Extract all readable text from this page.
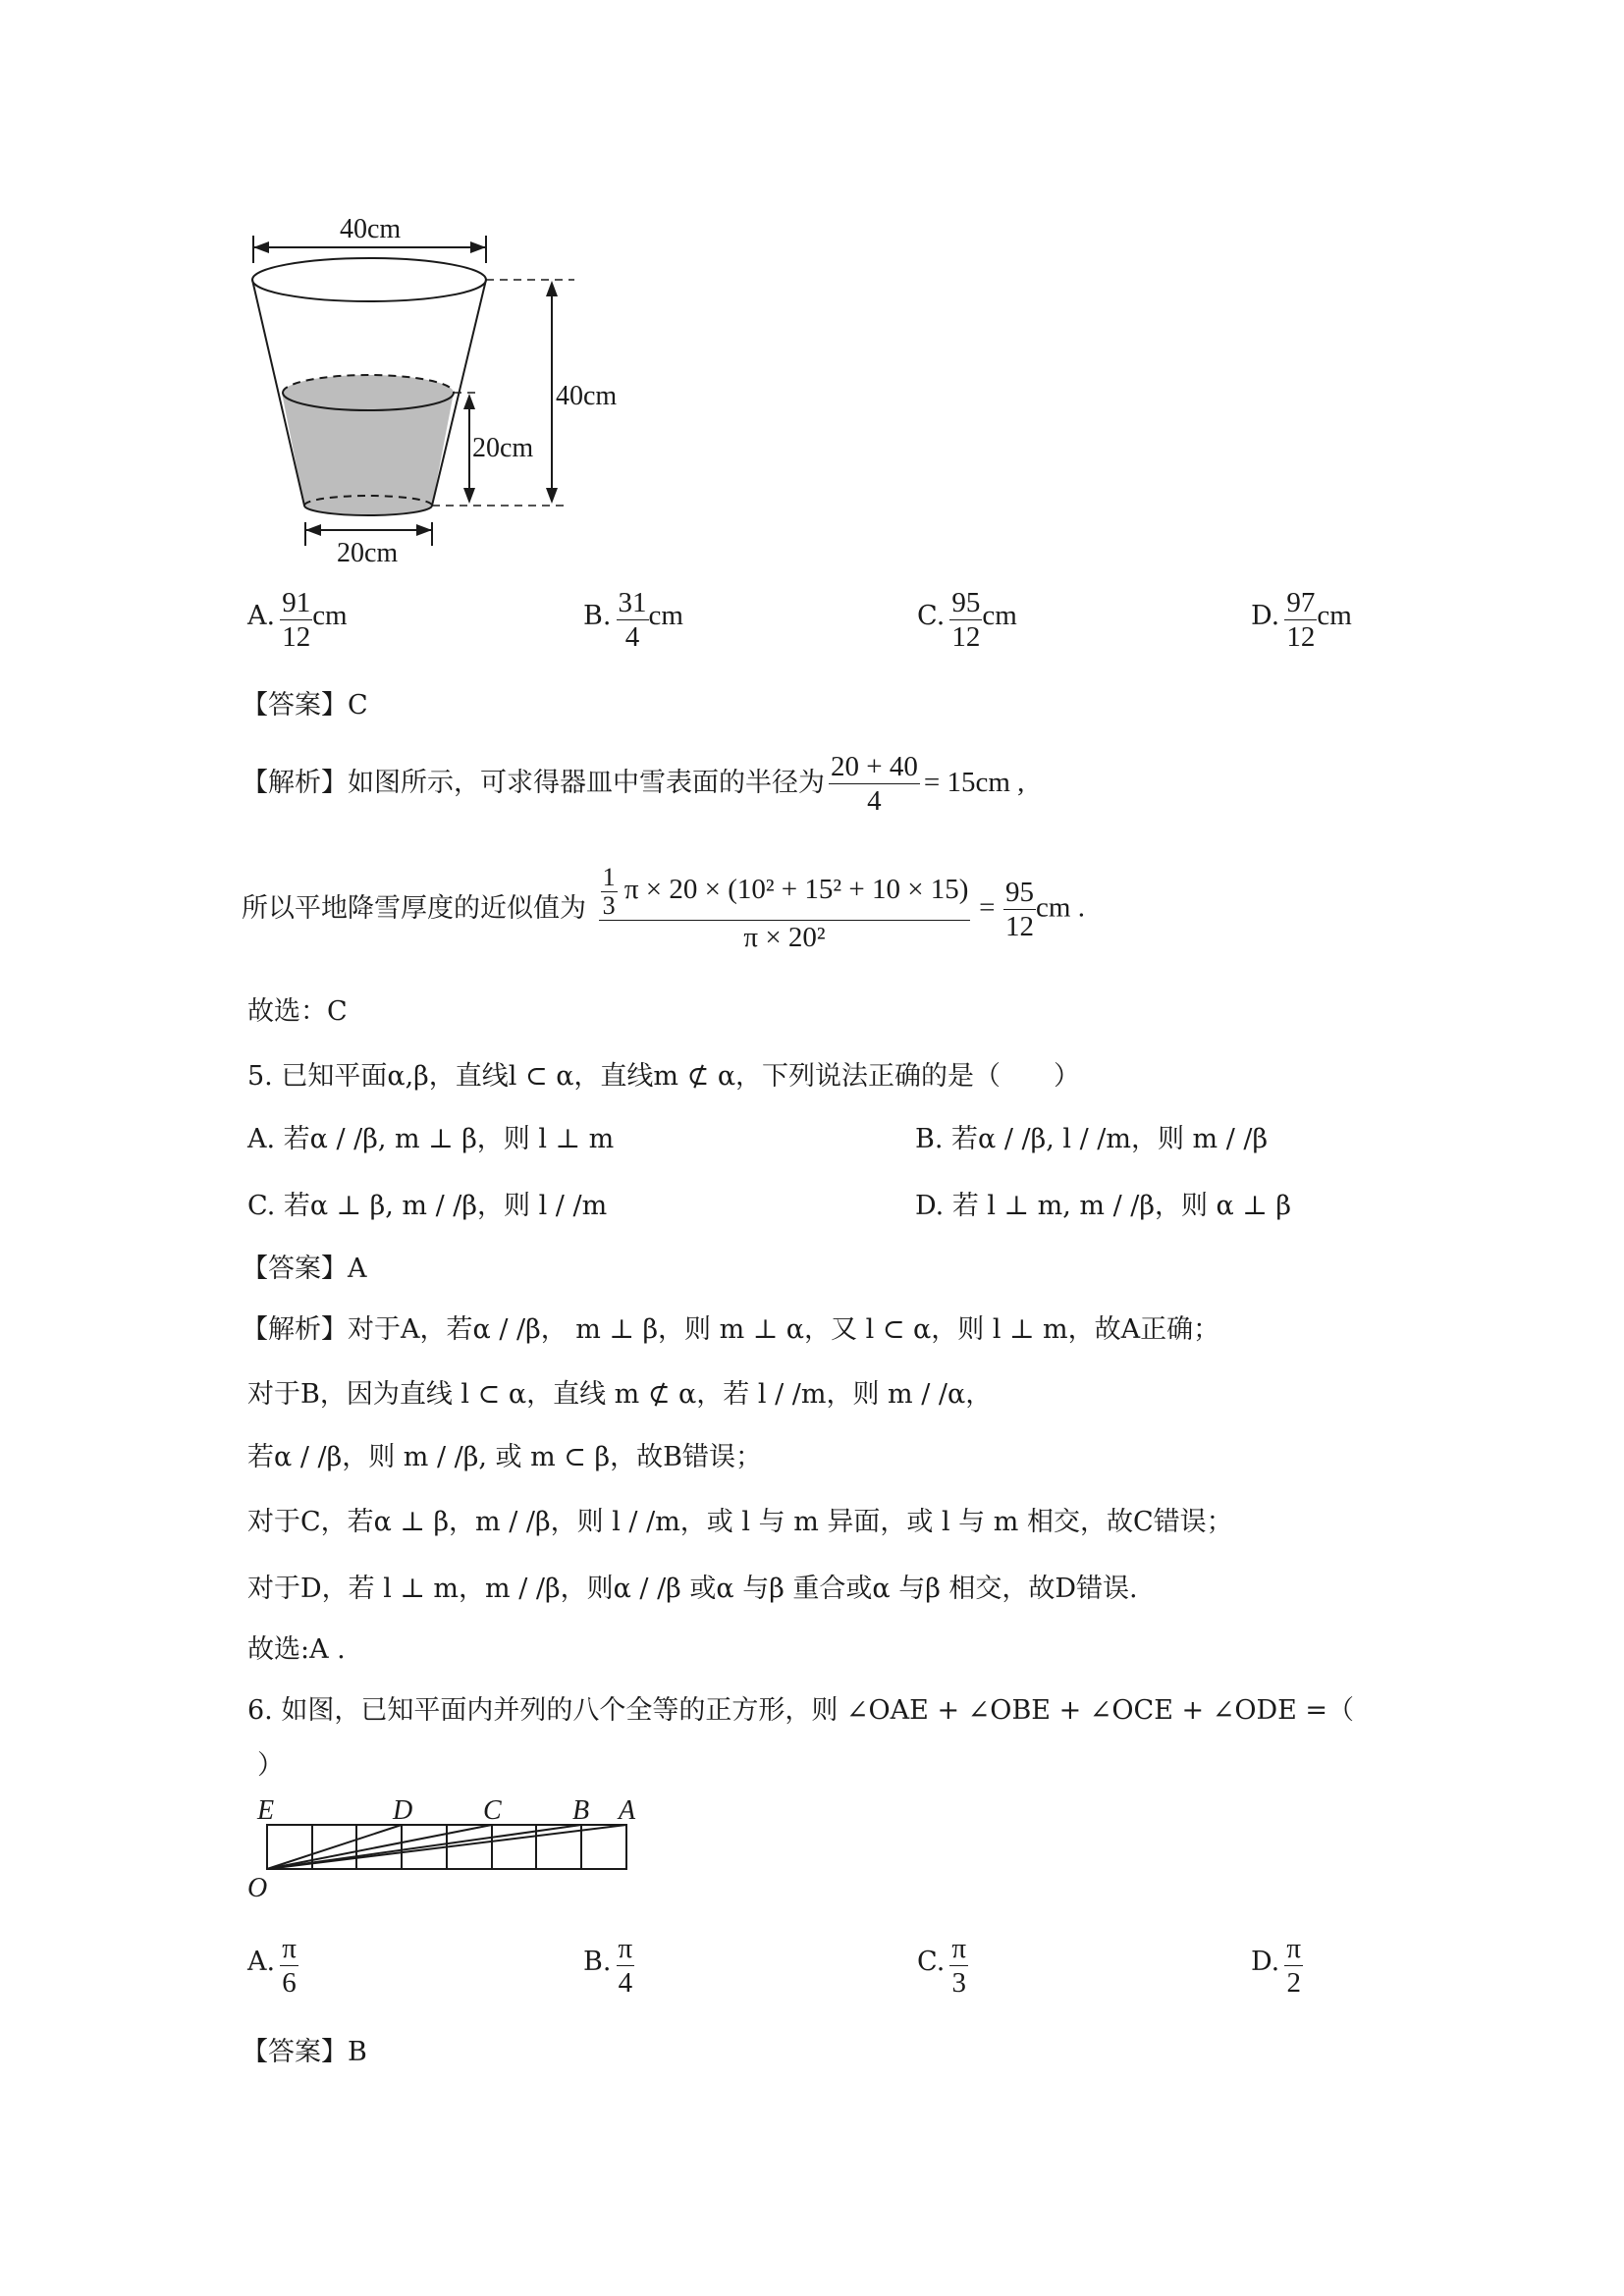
40cm
40cm
20cm
20cm
A. $\frac{91}{12}$ cm	B. $\frac{31}{4}$ cm	C. $\frac{95}{12}$ cm	D. $\frac{97}{12}$ cm
【答案】C
【解析】如图所示，可求得器皿中雪表面的半径为 $\frac{20 + 40}{4} = 15cm$ ,
所以平地降雪厚度的近似值为 $\frac{\frac{1}{3} \pi \times 20 \times (10^2 + 15^2 + 10 \times 15)}{\text{π × 20²}} = \frac{95}{12}$ cm .
故选：C
5. 已知平面α,β，直线l ⊂ α，直线m ⊄ α，下列说法正确的是（　　）
A. 若α / /β, m ⊥ β，则 l ⊥ m	B. 若α / /β, l / /m，则 m / /β
C. 若α ⊥ β, m / /β，则 l / /m	D. 若 l ⊥ m, m / /β，则 α ⊥ β
【答案】A
【解析】对于A，若α / /β， m ⊥ β，则 m ⊥ α，又 l ⊂ α，则 l ⊥ m，故A正确；
对于B，因为直线 l ⊂ α，直线 m ⊄ α，若 l / /m，则 m / /α，
若α / /β，则 m / /β, 或 m ⊂ β，故B错误；
对于C，若α ⊥ β，m / /β，则 l / /m，或 l 与 m 异面，或 l 与 m 相交，故C错误；
对于D，若 l ⊥ m，m / /β，则α / /β 或α 与β 重合或α 与β 相交，故D错误.
故选:A .
6. 如图，已知平面内并列的八个全等的正方形，则 ∠OAE + ∠OBE + ∠OCE + ∠ODE =（
）
E	D	C	B A
O
A. $\frac{\pi}{6}$	B. $\frac{\pi}{4}$	C. $\frac{\pi}{3}$	D. $\frac{\pi}{2}$
【答案】B
